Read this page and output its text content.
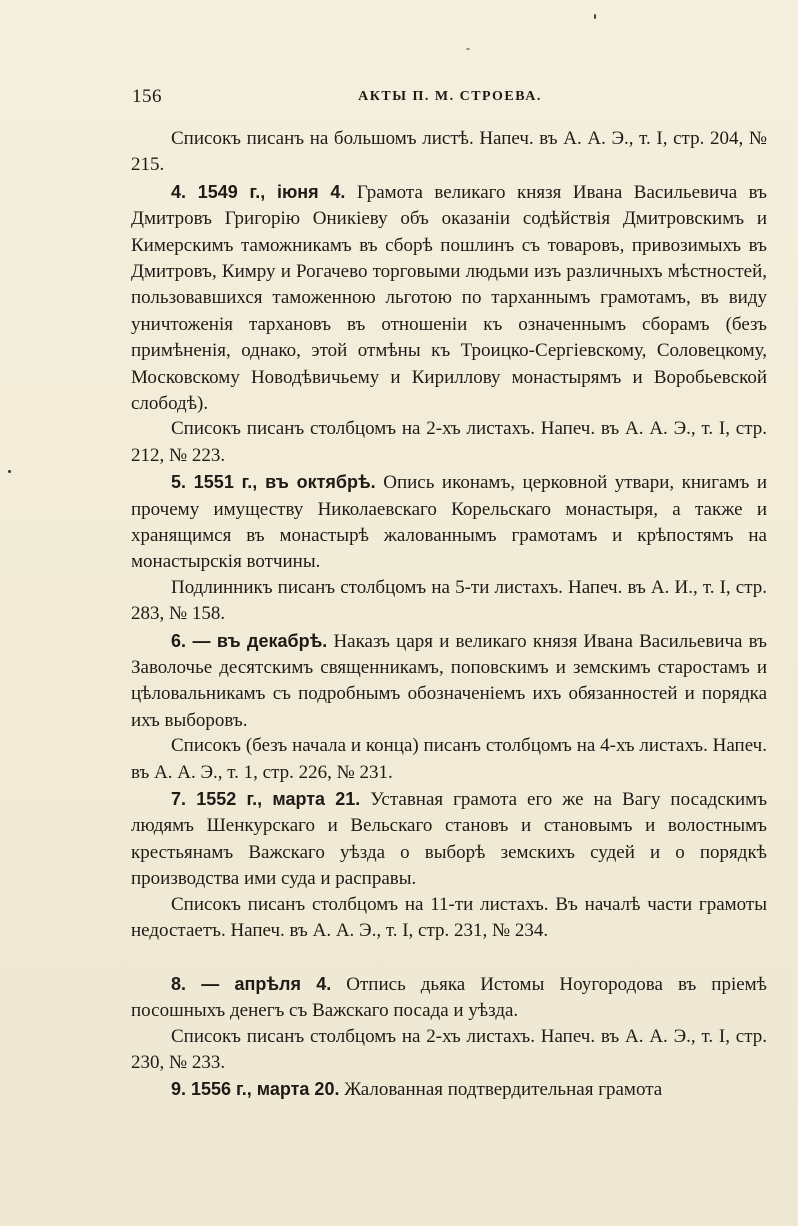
156	АКТЫ П. М. СТРОЕВА.

Списокъ писанъ на большомъ листѣ. Напеч. въ А. А. Э., т. I, стр. 204, № 215.

4. 1549 г., іюня 4. Грамота великаго князя Ивана Васильевича въ Дмитровъ Григорію Оникіеву объ оказаніи содѣйствія Дмитровскимъ и Кимерскимъ таможникамъ въ сборѣ пошлинъ съ товаровъ, привозимыхъ въ Дмитровъ, Кимру и Рогачево торговыми людьми изъ различныхъ мѣстностей, пользовавшихся таможенною льготою по тарханнымъ грамотамъ, въ виду уничтоженія тархановъ въ отношеніи къ означеннымъ сборамъ (безъ примѣненія, однако, этой отмѣны къ Троицко-Сергіевскому, Соловецкому, Московскому Новодѣвичьему и Кириллову монастырямъ и Воробьевской слободѣ).

Списокъ писанъ столбцомъ на 2-хъ листахъ. Напеч. въ А. А. Э., т. I, стр. 212, № 223.

5. 1551 г., въ октябрѣ. Опись иконамъ, церковной утвари, книгамъ и прочему имуществу Николаевскаго Корельскаго монастыря, а также и хранящимся въ монастырѣ жалованнымъ грамотамъ и крѣпостямъ на монастырскія вотчины.

Подлинникъ писанъ столбцомъ на 5-ти листахъ. Напеч. въ А. И., т. I, стр. 283, № 158.

6. — въ декабрѣ. Наказъ царя и великаго князя Ивана Васильевича въ Заволочье десятскимъ священникамъ, поповскимъ и земскимъ старостамъ и цѣловальникамъ съ подробнымъ обозначеніемъ ихъ обязанностей и порядка ихъ выборовъ.

Списокъ (безъ начала и конца) писанъ столбцомъ на 4-хъ листахъ. Напеч. въ А. А. Э., т. 1, стр. 226, № 231.

7. 1552 г., марта 21. Уставная грамота его же на Вагу посадскимъ людямъ Шенкурскаго и Вельскаго становъ и становымъ и волостнымъ крестьянамъ Важскаго уѣзда о выборѣ земскихъ судей и о порядкѣ производства ими суда и расправы.

Списокъ писанъ столбцомъ на 11-ти листахъ. Въ началѣ части грамоты недостаетъ. Напеч. въ А. А. Э., т. I, стр. 231, № 234.

8. — апрѣля 4. Отпись дьяка Истомы Ноугородова въ пріемѣ посошныхъ денегъ съ Важскаго посада и уѣзда.

Списокъ писанъ столбцомъ на 2-хъ листахъ. Напеч. въ А. А. Э., т. I, стр. 230, № 233.

9. 1556 г., марта 20. Жалованная подтвердительная грамота
